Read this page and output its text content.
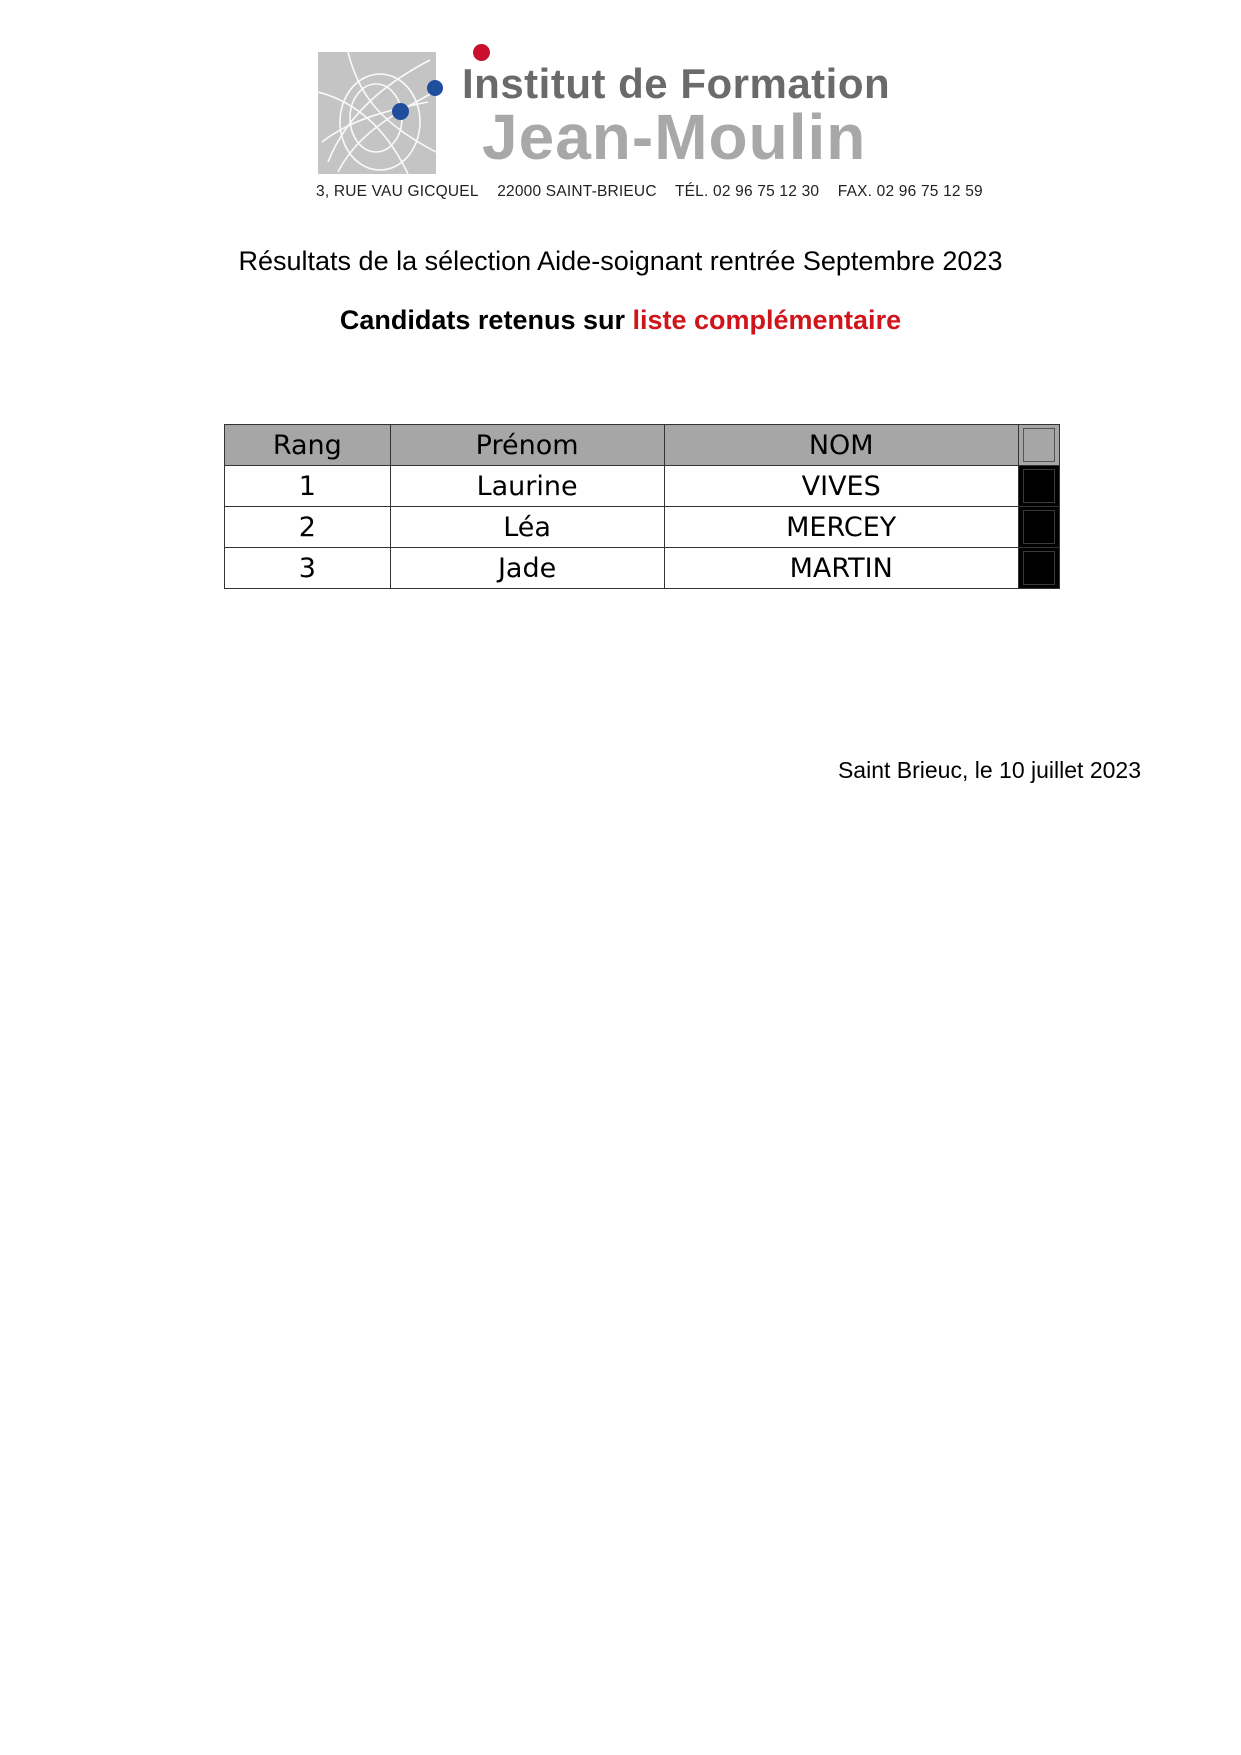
Institut de Formation
Jean-Moulin
3, RUE VAU GICQUEL 22000 SAINT-BRIEUC TÉL. 02 96 75 12 30 FAX. 02 96 75 12 59
Résultats de la sélection Aide-soignant rentrée Septembre 2023
Candidats retenus sur liste complémentaire
Rang	Prénom	NOM	

1	Laurine	VIVES	

2	Léa	MERCEY	

3	Jade	MARTIN	
Saint Brieuc, le 10 juillet 2023
